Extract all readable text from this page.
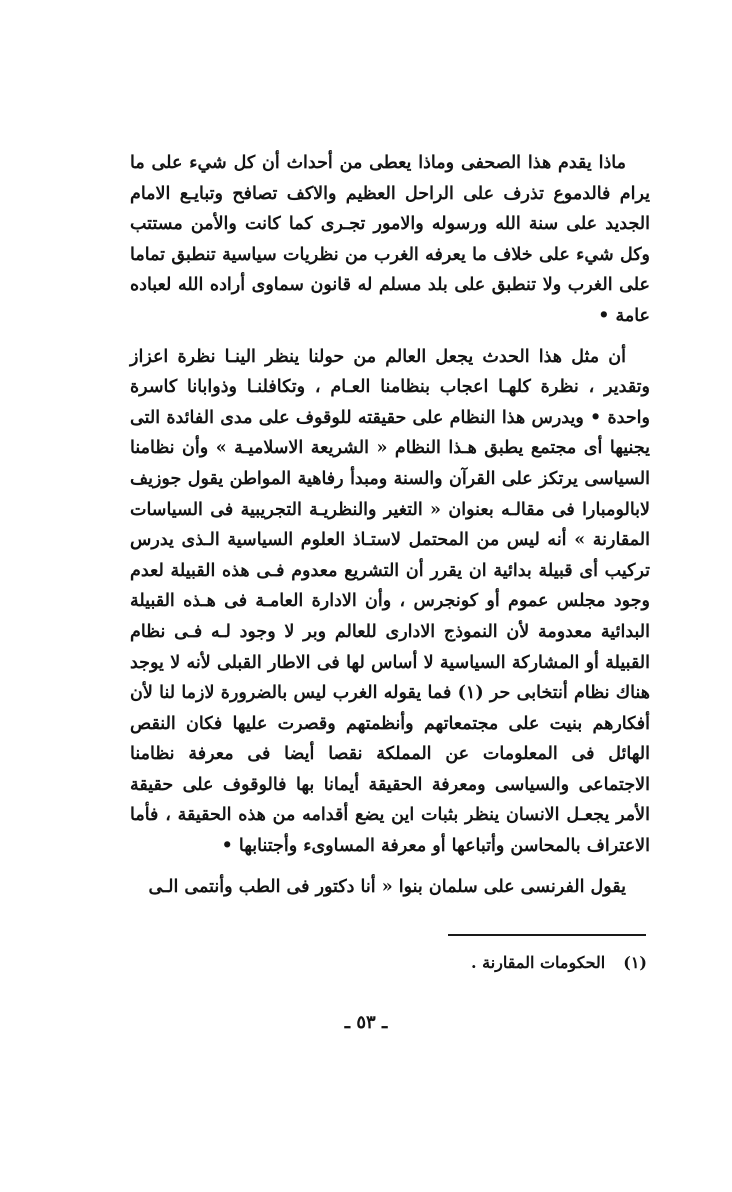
ماذا يقدم هذا الصحفى وماذا يعطى من أحداث أن كل شيء على ما يرام فالدموع تذرف على الراحل العظيم والاكف تصافح وتبايـع الامام الجديد على سنة الله ورسوله والامور تجـرى كما كانت والأمن مستتب وكل شيء على خلاف ما يعرفه الغرب من نظريات سياسية تنطبق تماما على الغرب ولا تنطبق على بلد مسلم له قانون سماوى أراده الله لعباده عامة •

أن مثل هذا الحدث يجعل العالم من حولنا ينظر الينـا نظرة اعزاز وتقدير ، نظرة كلهـا اعجاب بنظامنا العـام ، وتكافلنـا وذوابانا كاسرة واحدة • ويدرس هذا النظام على حقيقته للوقوف على مدى الفائدة التى يجنيها أى مجتمع يطبق هـذا النظام « الشريعة الاسلاميـة » وأن نظامنا السياسى يرتكز على القرآن والسنة ومبدأ رفاهية المواطن يقول جوزيف لابالومبارا فى مقالـه بعنوان « التغير والنظريـة التجريبية فى السياسات المقارنة » أنه ليس من المحتمل لاستـاذ العلوم السياسية الـذى يدرس تركيب أى قبيلة بدائية ان يقرر أن التشريع معدوم فـى هذه القبيلة لعدم وجود مجلس عموم أو كونجرس ، وأن الادارة العامـة فى هـذه القبيلة البدائية معدومة لأن النموذج الادارى للعالم وبر لا وجود لـه فـى نظام القبيلة أو المشاركة السياسية لا أساس لها فى الاطار القبلى لأنه لا يوجد هناك نظام أنتخابى حر (١) فما يقوله الغرب ليس بالضرورة لازما لنا لأن أفكارهم بنيت على مجتمعاتهم وأنظمتهم وقصرت عليها فكان النقص الهائل فى المعلومات عن المملكة نقصا أيضا فى معرفة نظامنا الاجتماعى والسياسى ومعرفة الحقيقة أيمانا بها فالوقوف على حقيقة الأمر يجعـل الانسان ينظر بثبات اين يضع أقدامه من هذه الحقيقة ، فأما الاعتراف بالمحاسن وأتباعها أو معرفة المساوىء وأجتنابها •

يقول الفرنسى على سلمان بنوا « أنا دكتور فى الطب وأنتمى الـى

(١)الحكومات المقارنة .
ـ ٥٣ ـ
